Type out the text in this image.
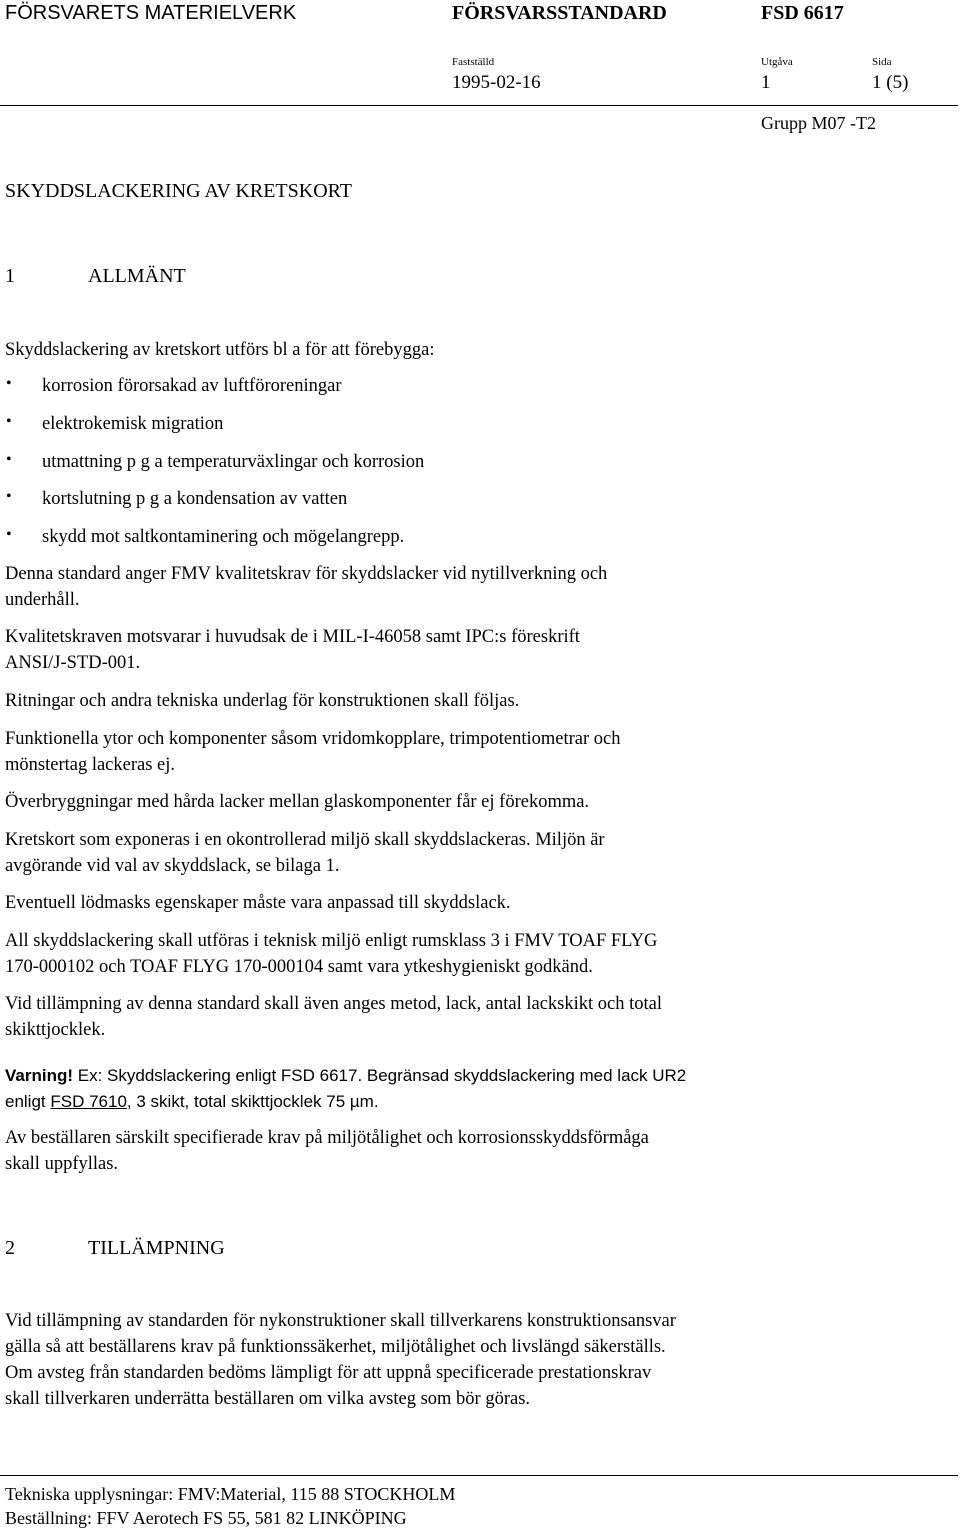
FÖRSVARETS MATERIELVERK	FÖRSVARSSTANDARD	FSD 6617
Fastställd	Utgåva	Sida
1995-02-16	1	1 (5)
Grupp M07 -T2
SKYDDSLACKERING AV KRETSKORT
1	ALLMÄNT
Skyddslackering av kretskort utförs bl a för att förebygga:
• korrosion förorsakad av luftföroreningar
• elektrokemisk migration
• utmattning p g a temperaturväxlingar och korrosion
• kortslutning p g a kondensation av vatten
• skydd mot saltkontaminering och mögelangrepp.
Denna standard anger FMV kvalitetskrav för skyddslacker vid nytillverkning och
underhåll.
Kvalitetskraven motsvarar i huvudsak de i MIL-I-46058 samt IPC:s föreskrift
ANSI/J-STD-001.
Ritningar och andra tekniska underlag för konstruktionen skall följas.
Funktionella ytor och komponenter såsom vridomkopplare, trimpotentiometrar och
mönstertag lackeras ej.
Överbryggningar med hårda lacker mellan glaskomponenter får ej förekomma.
Kretskort som exponeras i en okontrollerad miljö skall skyddslackeras. Miljön är
avgörande vid val av skyddslack, se bilaga 1.
Eventuell lödmasks egenskaper måste vara anpassad till skyddslack.
All skyddslackering skall utföras i teknisk miljö enligt rumsklass 3 i FMV TOAF FLYG
170-000102 och TOAF FLYG 170-000104 samt vara ytkeshygieniskt godkänd.
Vid tillämpning av denna standard skall även anges metod, lack, antal lackskikt och total
skikttjocklek.
Varning! Ex: Skyddslackering enligt FSD 6617. Begränsad skyddslackering med lack UR2
enligt FSD 7610, 3 skikt, total skikttjocklek 75 µm.
Av beställaren särskilt specifierade krav på miljötålighet och korrosionsskyddsförmåga
skall uppfyllas.
2	TILLÄMPNING
Vid tillämpning av standarden för nykonstruktioner skall tillverkarens konstruktionsansvar
gälla så att beställarens krav på funktionssäkerhet, miljötålighet och livslängd säkerställs.
Om avsteg från standarden bedöms lämpligt för att uppnå specificerade prestationskrav
skall tillverkaren underrätta beställaren om vilka avsteg som bör göras.
Tekniska upplysningar: FMV:Material, 115 88 STOCKHOLM
Beställning: FFV Aerotech FS 55, 581 82 LINKÖPING
